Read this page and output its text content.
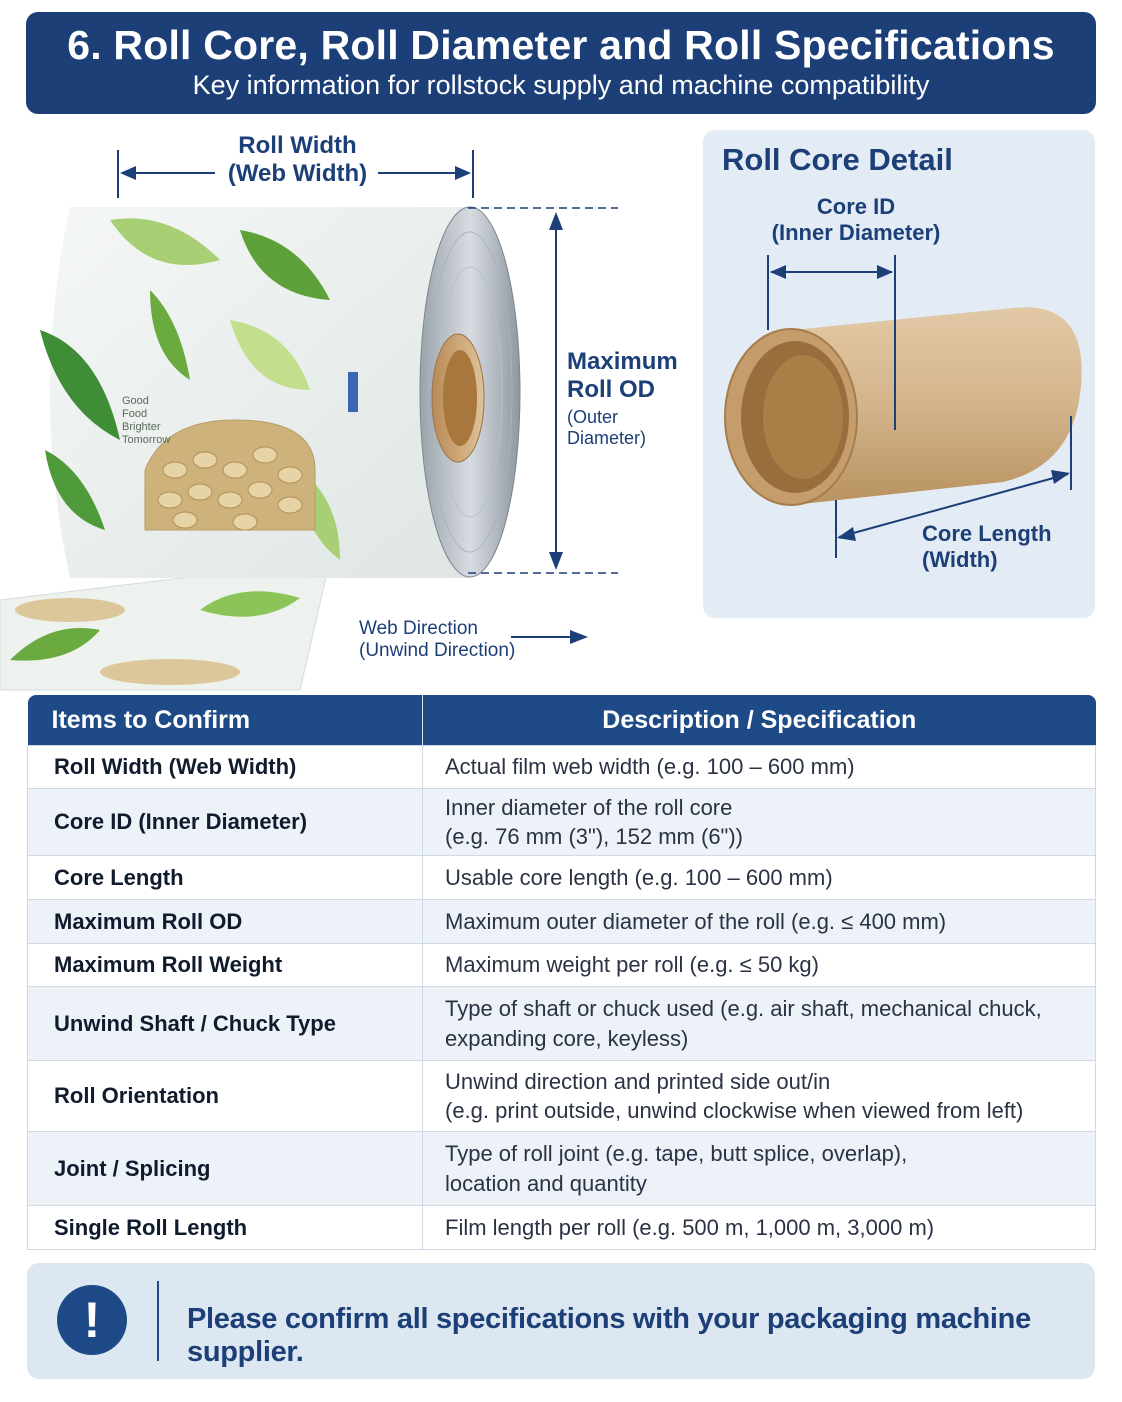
6. Roll Core, Roll Diameter and Roll Specifications
Key information for rollstock supply and machine compatibility
Good
Food
Brighter
Tomorrow
Roll Width
(Web Width)
Maximum
Roll OD
(Outer Diameter)
Web Direction
(Unwind Direction)
Roll Core Detail
Core ID
(Inner Diameter)
Core Length
(Width)
Items to Confirm	Description / Specification
Roll Width (Web Width)	Actual film web width (e.g. 100 – 600 mm)

Core ID (Inner Diameter)	Inner diameter of the roll core
(e.g. 76 mm (3"), 152 mm (6"))

Core Length	Usable core length (e.g. 100 – 600 mm)

Maximum Roll OD	Maximum outer diameter of the roll (e.g. ≤ 400 mm)

Maximum Roll Weight	Maximum weight per roll (e.g. ≤ 50 kg)

Unwind Shaft / Chuck Type	Type of shaft or chuck used (e.g. air shaft, mechanical chuck,
expanding core, keyless)

Roll Orientation	Unwind direction and printed side out/in
(e.g. print outside, unwind clockwise when viewed from left)

Joint / Splicing	Type of roll joint (e.g. tape, butt splice, overlap),
location and quantity

Single Roll Length	Film length per roll (e.g. 500 m, 1,000 m, 3,000 m)
!	Please confirm all specifications with your packaging machine supplier.
